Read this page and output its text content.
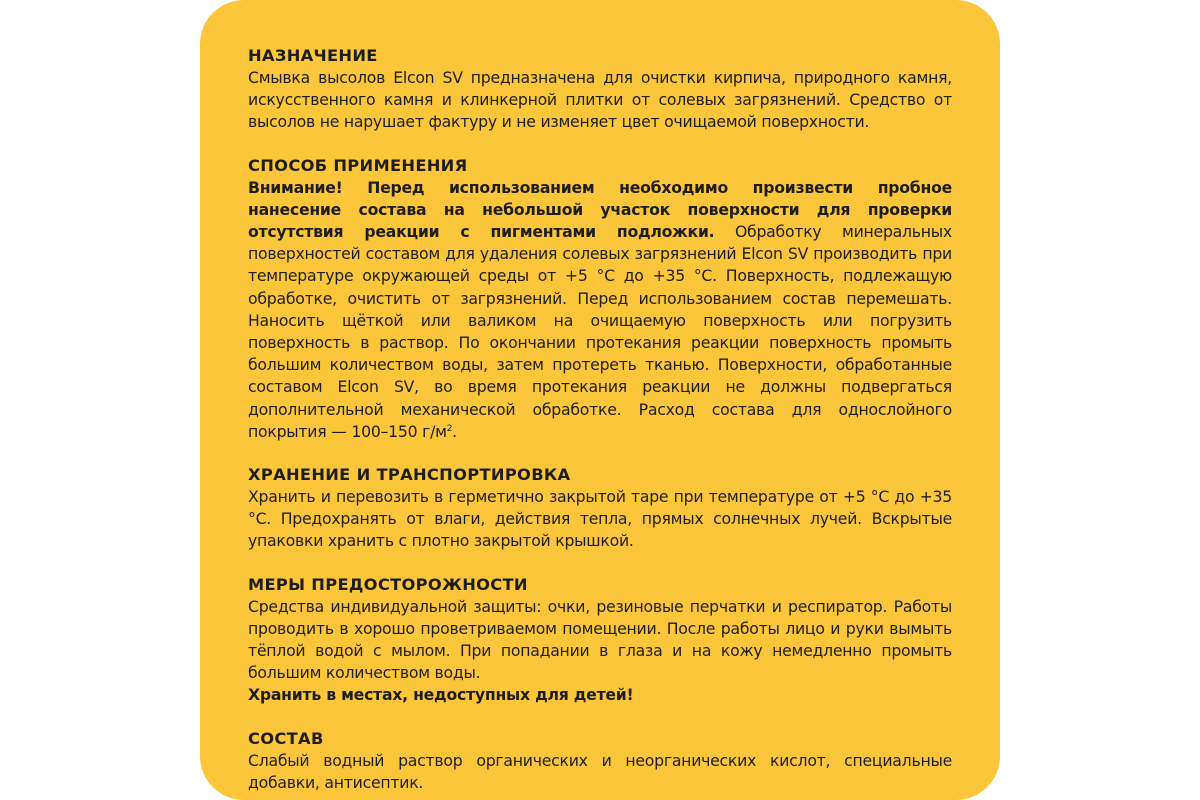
НАЗНАЧЕНИЕ
Смывка высолов Elcon SV предназначена для очистки кирпича, природного камня, искусственного камня и клинкерной плитки от солевых загрязнений. Средство от высолов не нарушает фактуру и не изменяет цвет очищаемой поверхности.
СПОСОБ ПРИМЕНЕНИЯ
Внимание! Перед использованием необходимо произвести пробное нанесение состава на небольшой участок поверхности для проверки отсутствия реакции с пигментами подложки. Обработку минеральных поверхностей составом для удаления солевых загрязнений Elcon SV производить при температуре окружающей среды от +5 °C до +35 °C. Поверхность, подлежащую обработке, очистить от загрязнений. Перед использованием состав перемешать. Наносить щёткой или валиком на очищаемую поверхность или погрузить поверхность в раствор. По окончании протекания реакции поверхность промыть большим количеством воды, затем протереть тканью. Поверхности, обработанные составом Elcon SV, во время протекания реакции не должны подвергаться дополнительной механической обработке. Расход состава для однослойного покрытия — 100–150 $г/м^2$.
ХРАНЕНИЕ И ТРАНСПОРТИРОВКА
Хранить и перевозить в герметично закрытой таре при температуре от +5 °C до +35 °C. Предохранять от влаги, действия тепла, прямых солнечных лучей. Вскрытые упаковки хранить с плотно закрытой крышкой.
МЕРЫ ПРЕДОСТОРОЖНОСТИ
Средства индивидуальной защиты: очки, резиновые перчатки и респиратор. Работы проводить в хорошо проветриваемом помещении. После работы лицо и руки вымыть тёплой водой с мылом. При попадании в глаза и на кожу немедленно промыть большим количеством воды.
Хранить в местах, недоступных для детей!
СОСТАВ
Слабый водный раствор органических и неорганических кислот, специальные добавки, антисептик.
